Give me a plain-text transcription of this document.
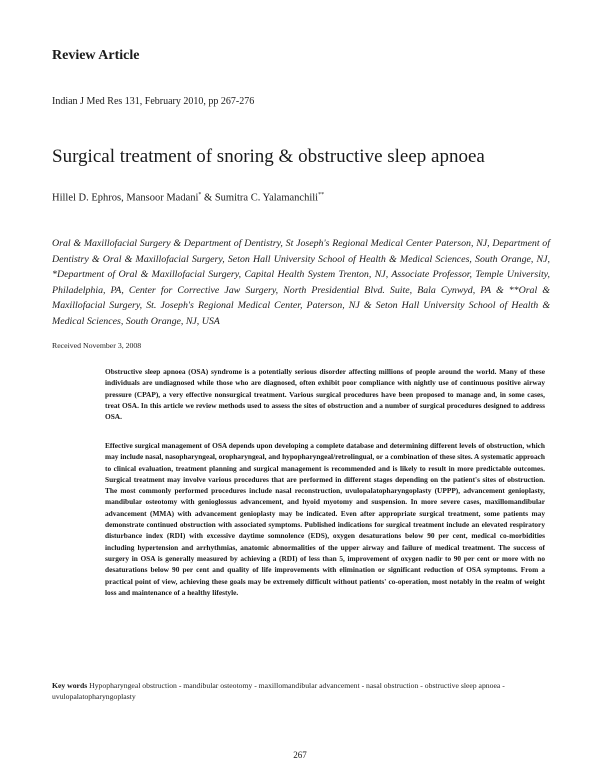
Review Article
Indian J Med Res 131, February 2010, pp 267-276
Surgical treatment of snoring & obstructive sleep apnoea
Hillel D. Ephros, Mansoor Madani* & Sumitra C. Yalamanchili**
Oral & Maxillofacial Surgery & Department of Dentistry, St Joseph's Regional Medical Center Paterson, NJ, Department of Dentistry & Oral & Maxillofacial Surgery, Seton Hall University School of Health & Medical Sciences, South Orange, NJ, *Department of Oral & Maxillofacial Surgery, Capital Health System Trenton, NJ, Associate Professor, Temple University, Philadelphia, PA, Center for Corrective Jaw Surgery, North Presidential Blvd. Suite, Bala Cynwyd, PA & **Oral & Maxillofacial Surgery, St. Joseph's Regional Medical Center, Paterson, NJ & Seton Hall University School of Health & Medical Sciences, South Orange, NJ, USA
Received November 3, 2008
Obstructive sleep apnoea (OSA) syndrome is a potentially serious disorder affecting millions of people around the world. Many of these individuals are undiagnosed while those who are diagnosed, often exhibit poor compliance with nightly use of continuous positive airway pressure (CPAP), a very effective nonsurgical treatment. Various surgical procedures have been proposed to manage and, in some cases, treat OSA. In this article we review methods used to assess the sites of obstruction and a number of surgical procedures designed to address OSA.
Effective surgical management of OSA depends upon developing a complete database and determining different levels of obstruction, which may include nasal, nasopharyngeal, oropharyngeal, and hypopharyngeal/retrolingual, or a combination of these sites. A systematic approach to clinical evaluation, treatment planning and surgical management is recommended and is likely to result in more predictable outcomes. Surgical treatment may involve various procedures that are performed in different stages depending on the patient's sites of obstruction. The most commonly performed procedures include nasal reconstruction, uvulopalatopharyngoplasty (UPPP), advancement genioplasty, mandibular osteotomy with genioglossus advancement, and hyoid myotomy and suspension. In more severe cases, maxillomandibular advancement (MMA) with advancement genioplasty may be indicated. Even after appropriate surgical treatment, some patients may demonstrate continued obstruction with associated symptoms. Published indications for surgical treatment include an elevated respiratory disturbance index (RDI) with excessive daytime somnolence (EDS), oxygen desaturations below 90 per cent, medical co-morbidities including hypertension and arrhythmias, anatomic abnormalities of the upper airway and failure of medical treatment. The success of surgery in OSA is generally measured by achieving a (RDI) of less than 5, improvement of oxygen nadir to 90 per cent or more with no desaturations below 90 per cent and quality of life improvements with elimination or significant reduction of OSA symptoms. From a practical point of view, achieving these goals may be extremely difficult without patients' co-operation, most notably in the realm of weight loss and maintenance of a healthy lifestyle.
Key words Hypopharyngeal obstruction - mandibular osteotomy - maxillomandibular advancement - nasal obstruction - obstructive sleep apnoea - uvulopalatopharyngoplasty
267
